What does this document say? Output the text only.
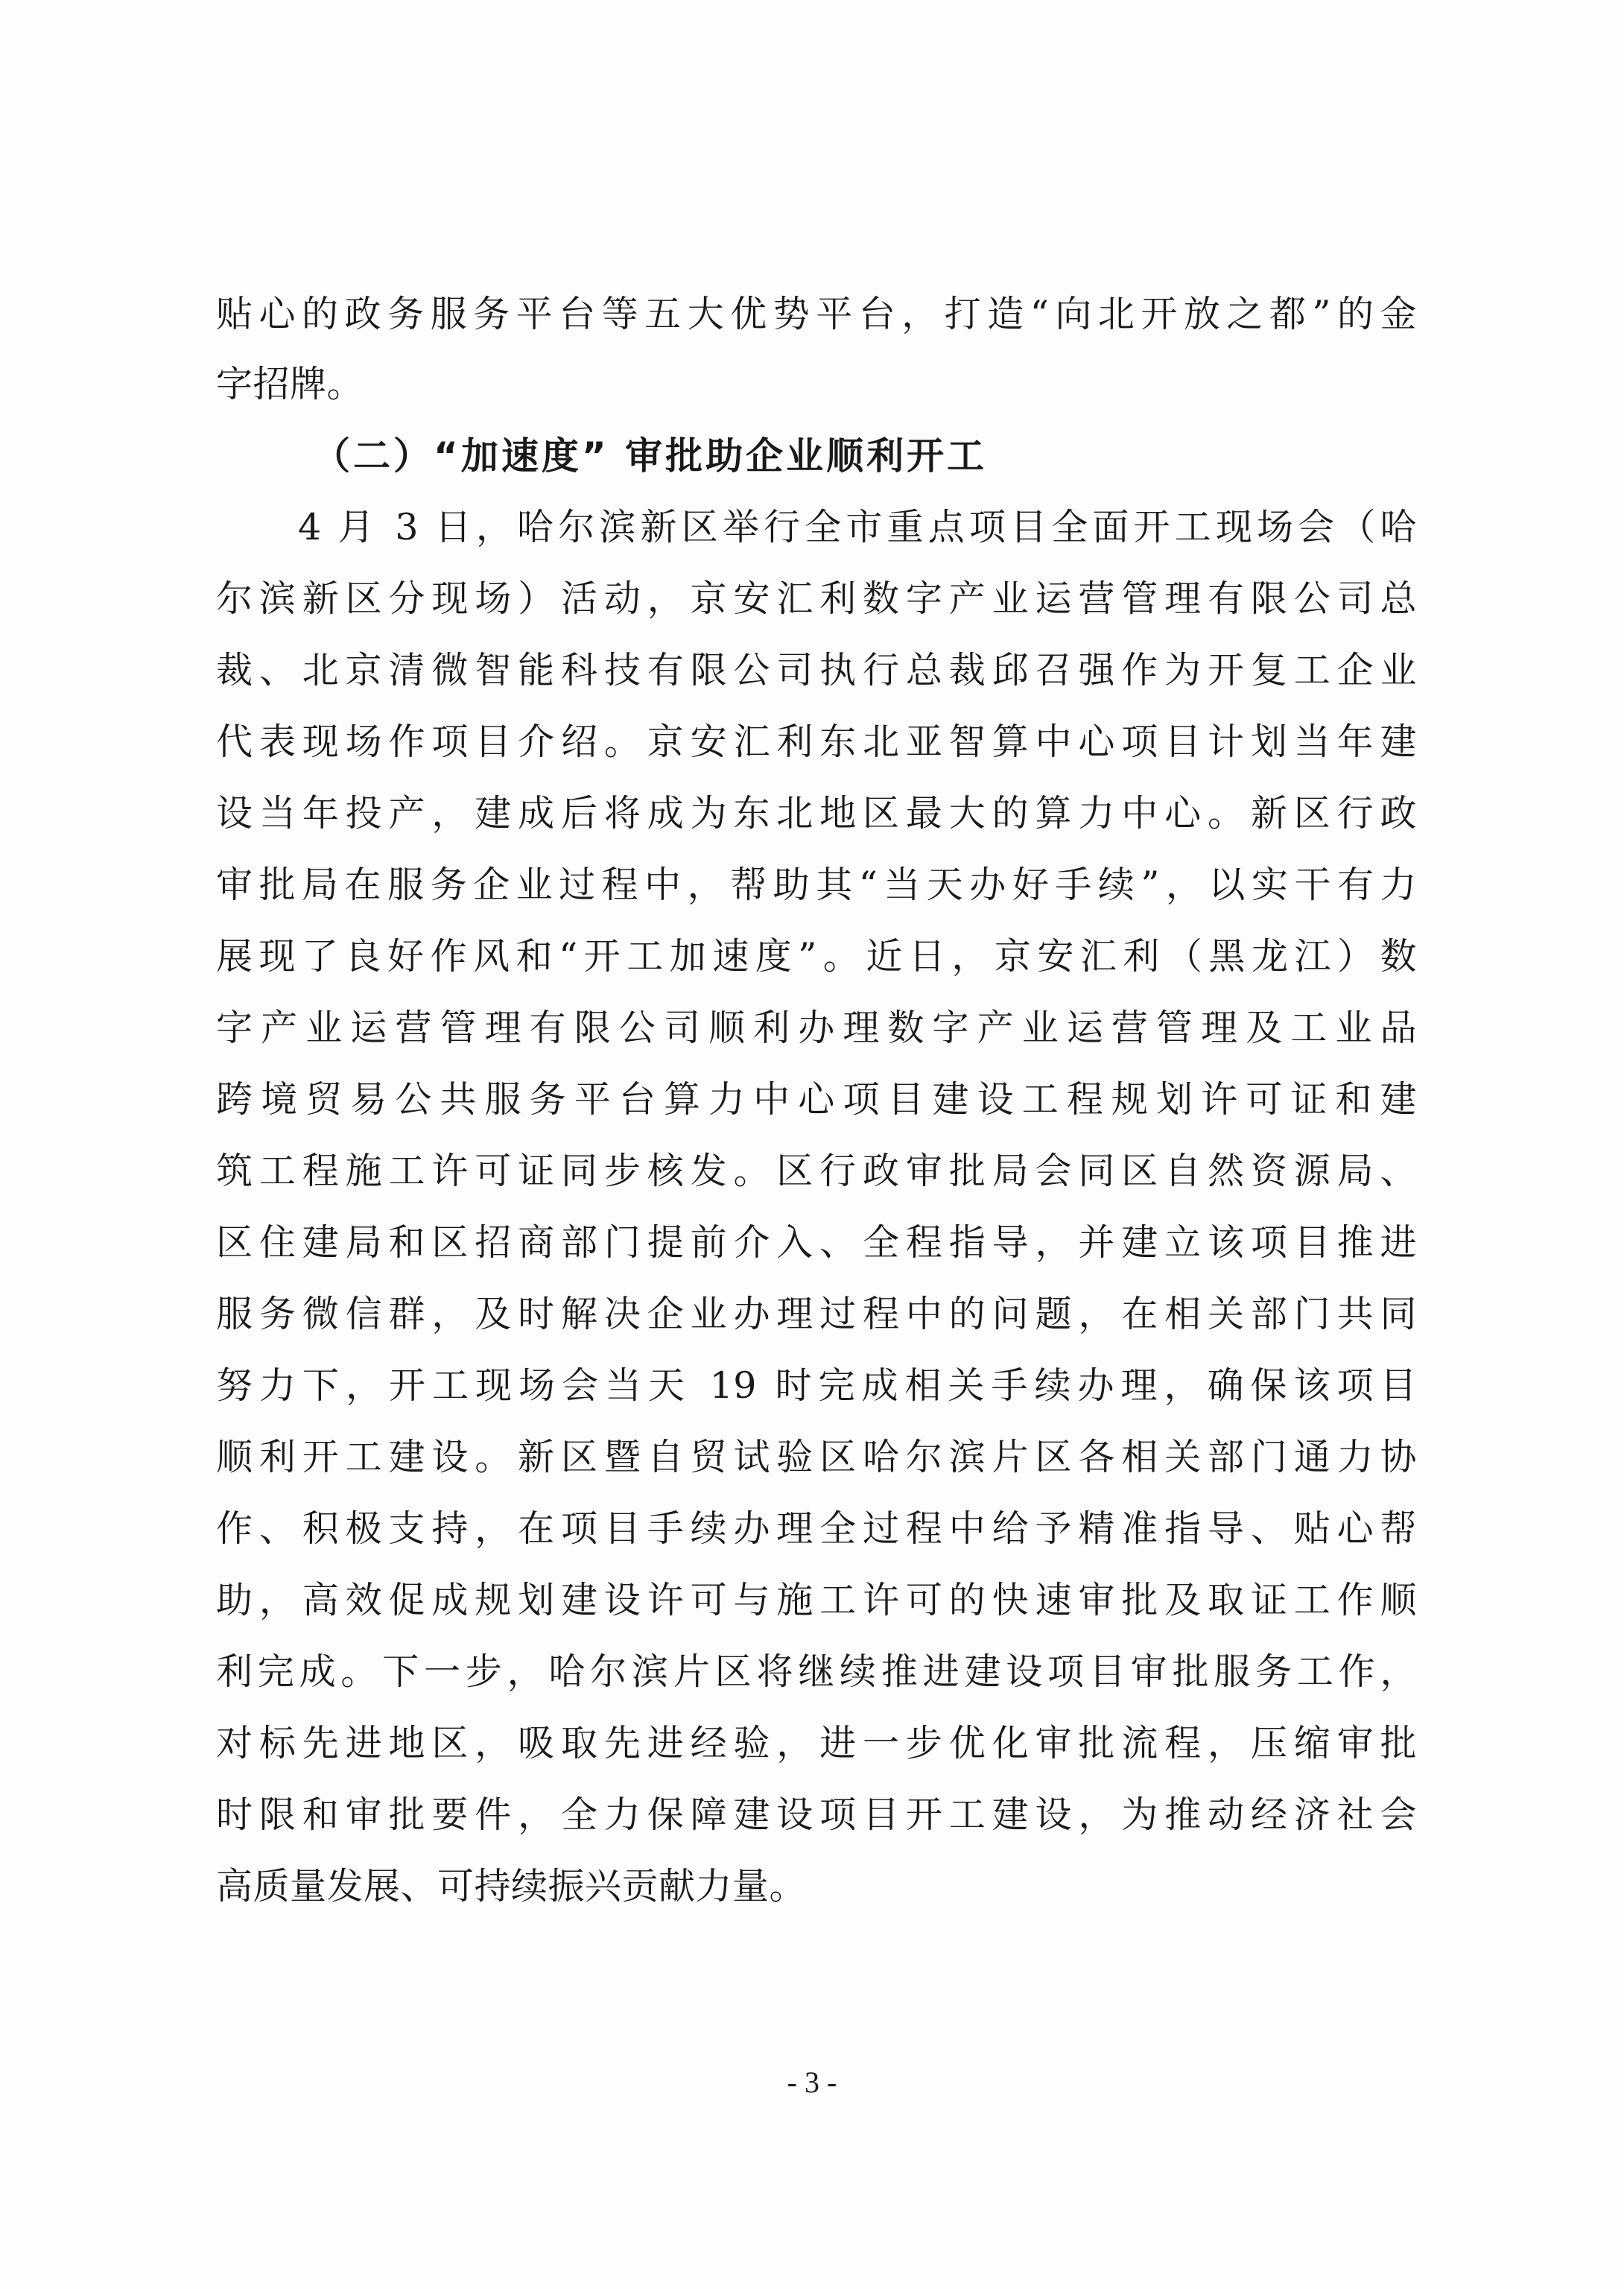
贴心的政务服务平台等五大优势平台，打造“向北开放之都”的金
字招牌。
（二）“加速度” 审批助企业顺利开工
4 月 3 日，哈尔滨新区举行全市重点项目全面开工现场会（哈
尔滨新区分现场）活动，京安汇利数字产业运营管理有限公司总
裁、北京清微智能科技有限公司执行总裁邱召强作为开复工企业
代表现场作项目介绍。京安汇利东北亚智算中心项目计划当年建
设当年投产，建成后将成为东北地区最大的算力中心。新区行政
审批局在服务企业过程中，帮助其“当天办好手续”，以实干有力
展现了良好作风和“开工加速度”。近日，京安汇利（黑龙江）数
字产业运营管理有限公司顺利办理数字产业运营管理及工业品
跨境贸易公共服务平台算力中心项目建设工程规划许可证和建
筑工程施工许可证同步核发。区行政审批局会同区自然资源局、
区住建局和区招商部门提前介入、全程指导，并建立该项目推进
服务微信群，及时解决企业办理过程中的问题，在相关部门共同
努力下，开工现场会当天 19 时完成相关手续办理，确保该项目
顺利开工建设。新区暨自贸试验区哈尔滨片区各相关部门通力协
作、积极支持，在项目手续办理全过程中给予精准指导、贴心帮
助，高效促成规划建设许可与施工许可的快速审批及取证工作顺
利完成。下一步，哈尔滨片区将继续推进建设项目审批服务工作，
对标先进地区，吸取先进经验，进一步优化审批流程，压缩审批
时限和审批要件，全力保障建设项目开工建设，为推动经济社会
高质量发展、可持续振兴贡献力量。
- 3 -
